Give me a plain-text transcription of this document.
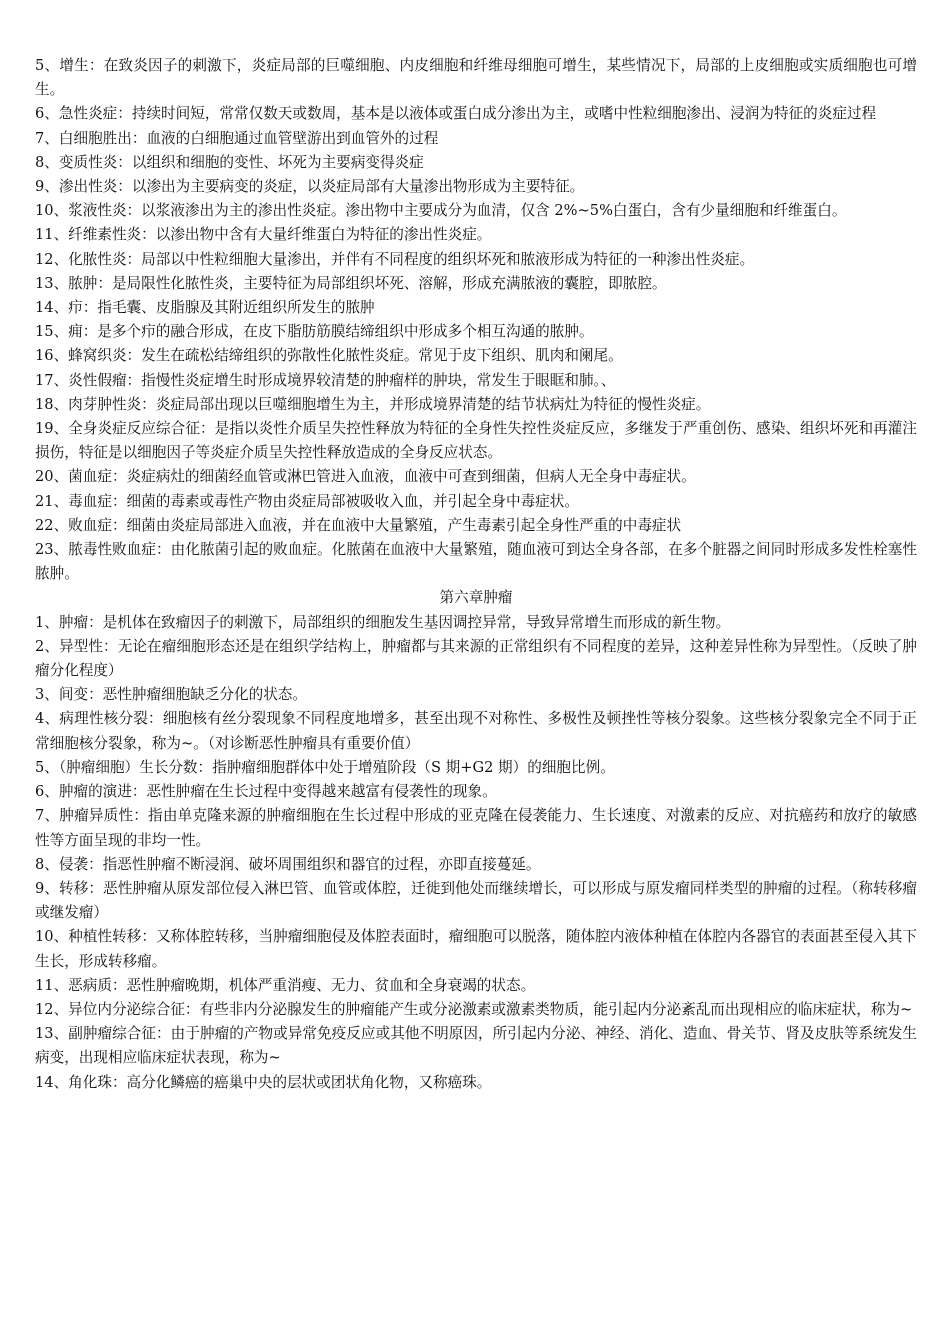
5、增生：在致炎因子的刺激下，炎症局部的巨噬细胞、内皮细胞和纤维母细胞可增生，某些情况下，局部的上皮细胞或实质细胞也可增生。

6、急性炎症：持续时间短，常常仅数天或数周，基本是以液体或蛋白成分渗出为主，或嗜中性粒细胞渗出、浸润为特征的炎症过程

7、白细胞胜出：血液的白细胞通过血管壁游出到血管外的过程

8、变质性炎：以组织和细胞的变性、坏死为主要病变得炎症

9、渗出性炎：以渗出为主要病变的炎症，以炎症局部有大量渗出物形成为主要特征。

10、浆液性炎：以浆液渗出为主的渗出性炎症。渗出物中主要成分为血清，仅含 2%~5%白蛋白，含有少量细胞和纤维蛋白。

11、纤维素性炎：以渗出物中含有大量纤维蛋白为特征的渗出性炎症。

12、化脓性炎：局部以中性粒细胞大量渗出，并伴有不同程度的组织坏死和脓液形成为特征的一种渗出性炎症。

13、脓肿：是局限性化脓性炎，主要特征为局部组织坏死、溶解，形成充满脓液的囊腔，即脓腔。

14、疖：指毛囊、皮脂腺及其附近组织所发生的脓肿

15、痈：是多个疖的融合形成，在皮下脂肪筋膜结缔组织中形成多个相互沟通的脓肿。

16、蜂窝织炎：发生在疏松结缔组织的弥散性化脓性炎症。常见于皮下组织、肌肉和阑尾。

17、炎性假瘤：指慢性炎症增生时形成境界较清楚的肿瘤样的肿块，常发生于眼眶和肺。、

18、肉芽肿性炎：炎症局部出现以巨噬细胞增生为主，并形成境界清楚的结节状病灶为特征的慢性炎症。

19、全身炎症反应综合征：是指以炎性介质呈失控性释放为特征的全身性失控性炎症反应，多继发于严重创伤、感染、组织坏死和再灌注损伤，特征是以细胞因子等炎症介质呈失控性释放造成的全身反应状态。

20、菌血症：炎症病灶的细菌经血管或淋巴管进入血液，血液中可查到细菌，但病人无全身中毒症状。

21、毒血症：细菌的毒素或毒性产物由炎症局部被吸收入血，并引起全身中毒症状。

22、败血症：细菌由炎症局部进入血液，并在血液中大量繁殖，产生毒素引起全身性严重的中毒症状

23、脓毒性败血症：由化脓菌引起的败血症。化脓菌在血液中大量繁殖，随血液可到达全身各部，在多个脏器之间同时形成多发性栓塞性脓肿。

第六章肿瘤

1、肿瘤：是机体在致瘤因子的刺激下，局部组织的细胞发生基因调控异常，导致异常增生而形成的新生物。

2、异型性：无论在瘤细胞形态还是在组织学结构上，肿瘤都与其来源的正常组织有不同程度的差异，这种差异性称为异型性。（反映了肿瘤分化程度）

3、间变：恶性肿瘤细胞缺乏分化的状态。

4、病理性核分裂：细胞核有丝分裂现象不同程度地增多，甚至出现不对称性、多极性及顿挫性等核分裂象。这些核分裂象完全不同于正常细胞核分裂象，称为~。（对诊断恶性肿瘤具有重要价值）

5、（肿瘤细胞）生长分数：指肿瘤细胞群体中处于增殖阶段（S 期+G2 期）的细胞比例。

6、肿瘤的演进：恶性肿瘤在生长过程中变得越来越富有侵袭性的现象。

7、肿瘤异质性：指由单克隆来源的肿瘤细胞在生长过程中形成的亚克隆在侵袭能力、生长速度、对激素的反应、对抗癌药和放疗的敏感性等方面呈现的非均一性。

8、侵袭：指恶性肿瘤不断浸润、破坏周围组织和器官的过程，亦即直接蔓延。

9、转移：恶性肿瘤从原发部位侵入淋巴管、血管或体腔，迁徙到他处而继续增长，可以形成与原发瘤同样类型的肿瘤的过程。（称转移瘤或继发瘤）

10、种植性转移：又称体腔转移，当肿瘤细胞侵及体腔表面时，瘤细胞可以脱落，随体腔内液体种植在体腔内各器官的表面甚至侵入其下生长，形成转移瘤。

11、恶病质：恶性肿瘤晚期，机体严重消瘦、无力、贫血和全身衰竭的状态。

12、异位内分泌综合征：有些非内分泌腺发生的肿瘤能产生或分泌激素或激素类物质，能引起内分泌紊乱而出现相应的临床症状，称为~

13、副肿瘤综合征：由于肿瘤的产物或异常免疫反应或其他不明原因，所引起内分泌、神经、消化、造血、骨关节、肾及皮肤等系统发生病变，出现相应临床症状表现，称为~

14、角化珠：高分化鳞癌的癌巢中央的层状或团状角化物，又称癌珠。
